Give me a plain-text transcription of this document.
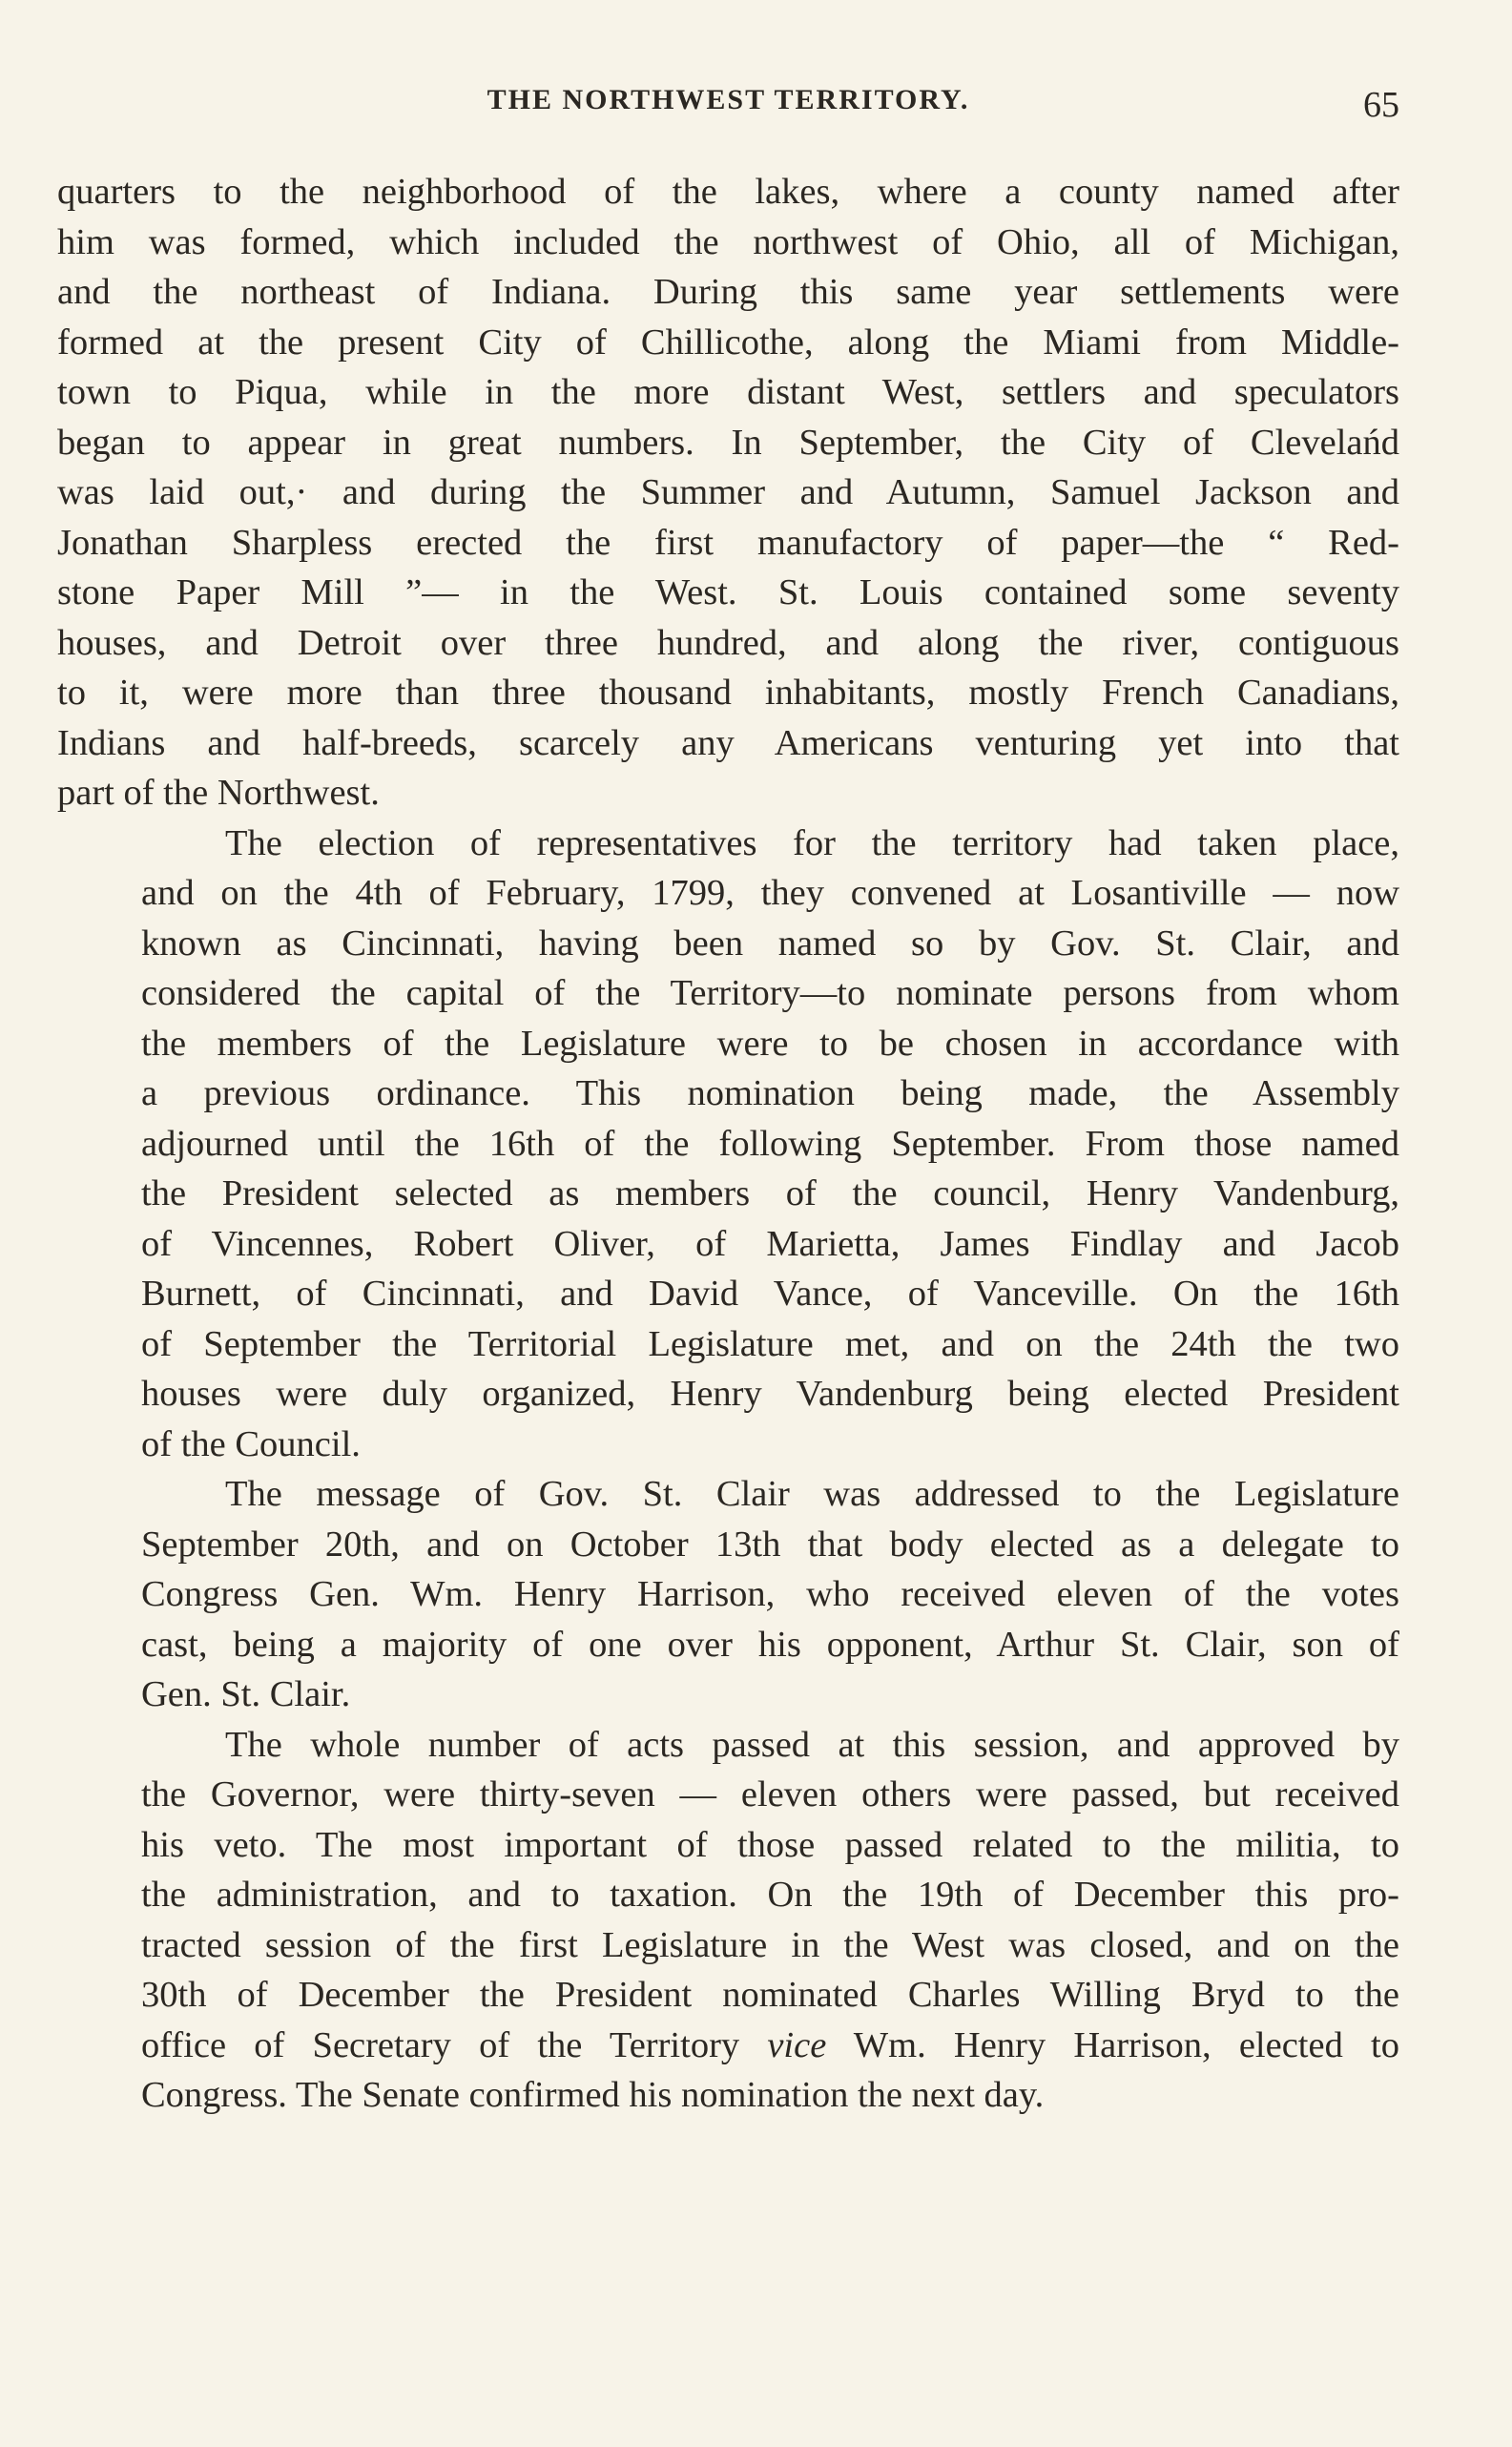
THE NORTHWEST TERRITORY.	65

quarters to the neighborhood of the lakes, where a county named after
him was formed, which included the northwest of Ohio, all of Michigan,
and the northeast of Indiana. During this same year settlements were
formed at the present City of Chillicothe, along the Miami from Middle-
town to Piqua, while in the more distant West, settlers and speculators
began to appear in great numbers. In September, the City of Clevelańd
was laid out,· and during the Summer and Autumn, Samuel Jackson and
Jonathan Sharpless erected the first manufactory of paper—the “ Red-
stone Paper Mill ”— in the West. St. Louis contained some seventy
houses, and Detroit over three hundred, and along the river, contiguous
to it, were more than three thousand inhabitants, mostly French Canadians,
Indians and half-breeds, scarcely any Americans venturing yet into that
part of the Northwest.

The election of representatives for the territory had taken place,
and on the 4th of February, 1799, they convened at Losantiville — now
known as Cincinnati, having been named so by Gov. St. Clair, and
considered the capital of the Territory—to nominate persons from whom
the members of the Legislature were to be chosen in accordance with
a previous ordinance. This nomination being made, the Assembly
adjourned until the 16th of the following September. From those named
the President selected as members of the council, Henry Vandenburg,
of Vincennes, Robert Oliver, of Marietta, James Findlay and Jacob
Burnett, of Cincinnati, and David Vance, of Vanceville. On the 16th
of September the Territorial Legislature met, and on the 24th the two
houses were duly organized, Henry Vandenburg being elected President
of the Council.

The message of Gov. St. Clair was addressed to the Legislature
September 20th, and on October 13th that body elected as a delegate to
Congress Gen. Wm. Henry Harrison, who received eleven of the votes
cast, being a majority of one over his opponent, Arthur St. Clair, son of
Gen. St. Clair.

The whole number of acts passed at this session, and approved by
the Governor, were thirty-seven — eleven others were passed, but received
his veto. The most important of those passed related to the militia, to
the administration, and to taxation. On the 19th of December this pro-
tracted session of the first Legislature in the West was closed, and on the
30th of December the President nominated Charles Willing Bryd to the
office of Secretary of the Territory vice Wm. Henry Harrison, elected to
Congress. The Senate confirmed his nomination the next day.
